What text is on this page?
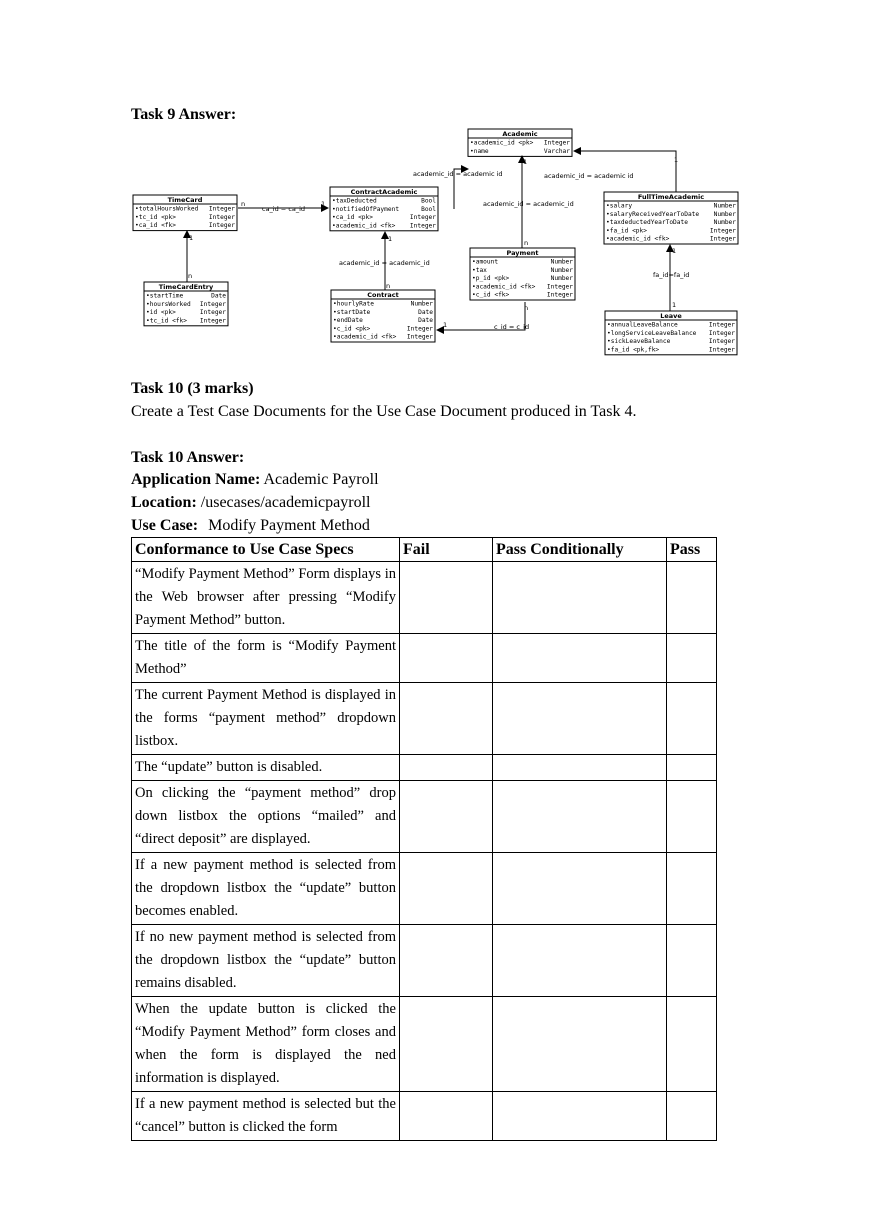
Task 9 Answer:
Academic
•academic_id <pk> Integer
•name	Varchar
TimeCard
•totalHoursWorked Integer
•tc_id <pk>	Integer
•ca_id <fk>	Integer
ContractAcademic
•taxDeducted	Bool
•notifiedOfPayment	Bool
•ca_id <pk>	Integer
•academic_id <fk> Integer
FullTimeAcademic
•salary	Number
•salaryReceivedYearToDate Number
•taxdeductedYearToDate	Number
•fa_id <pk>	Integer
•academic_id <fk>	Integer
Payment
•amount	Number
•tax	Number
•p_id <pk>	Number
•academic_id <fk> Integer
•c_id <fk>	Integer
TimeCardEntry
•startTime	Date
•hoursWorked Integer
•id <pk>	Integer
•tc_id <fk> Integer
Contract
•hourlyRate	Number
•startDate	Date
•endDate	Date
•c_id <pk>	Integer
•academic_id <fk> Integer
Leave
•annualLeaveBalance	Integer
•longServiceLeaveBalance Integer
•sickLeaveBalance	Integer
•fa_id <pk,fk>	Integer
academic_id = academic id	academic_id = academic id
academic_id = academic_id
ca_id = ca_id
academic_id = academic_id
fa_id=fa_id
c_id = c_id
1	1
n	1
1
n
1
n
n
n
1
1
1
Task 10 (3 marks)
Create a Test Case Documents for the Use Case Document produced in Task 4.
Task 10 Answer:
Application Name: Academic Payroll
Location: /usecases/academicpayroll
Use Case: Modify Payment Method
Conformance to Use Case Specs	Fail	Pass Conditionally	Pass
“Modify Payment Method” Form displays in the Web browser after pressing “Modify Payment Method” button.			
The title of the form is “Modify Payment Method”			
The current Payment Method is displayed in the forms “payment method” dropdown listbox.			
The “update” button is disabled.			
On clicking the “payment method” drop down listbox the options “mailed” and “direct deposit” are displayed.			
If a new payment method is selected from the dropdown listbox the “update” button becomes enabled.			
If no new payment method is selected from the dropdown listbox the “update” button remains disabled.			
When the update button is clicked the “Modify Payment Method” form closes and when the form is displayed the ned information is displayed.			
If a new payment method is selected but the “cancel” button is clicked the form			
